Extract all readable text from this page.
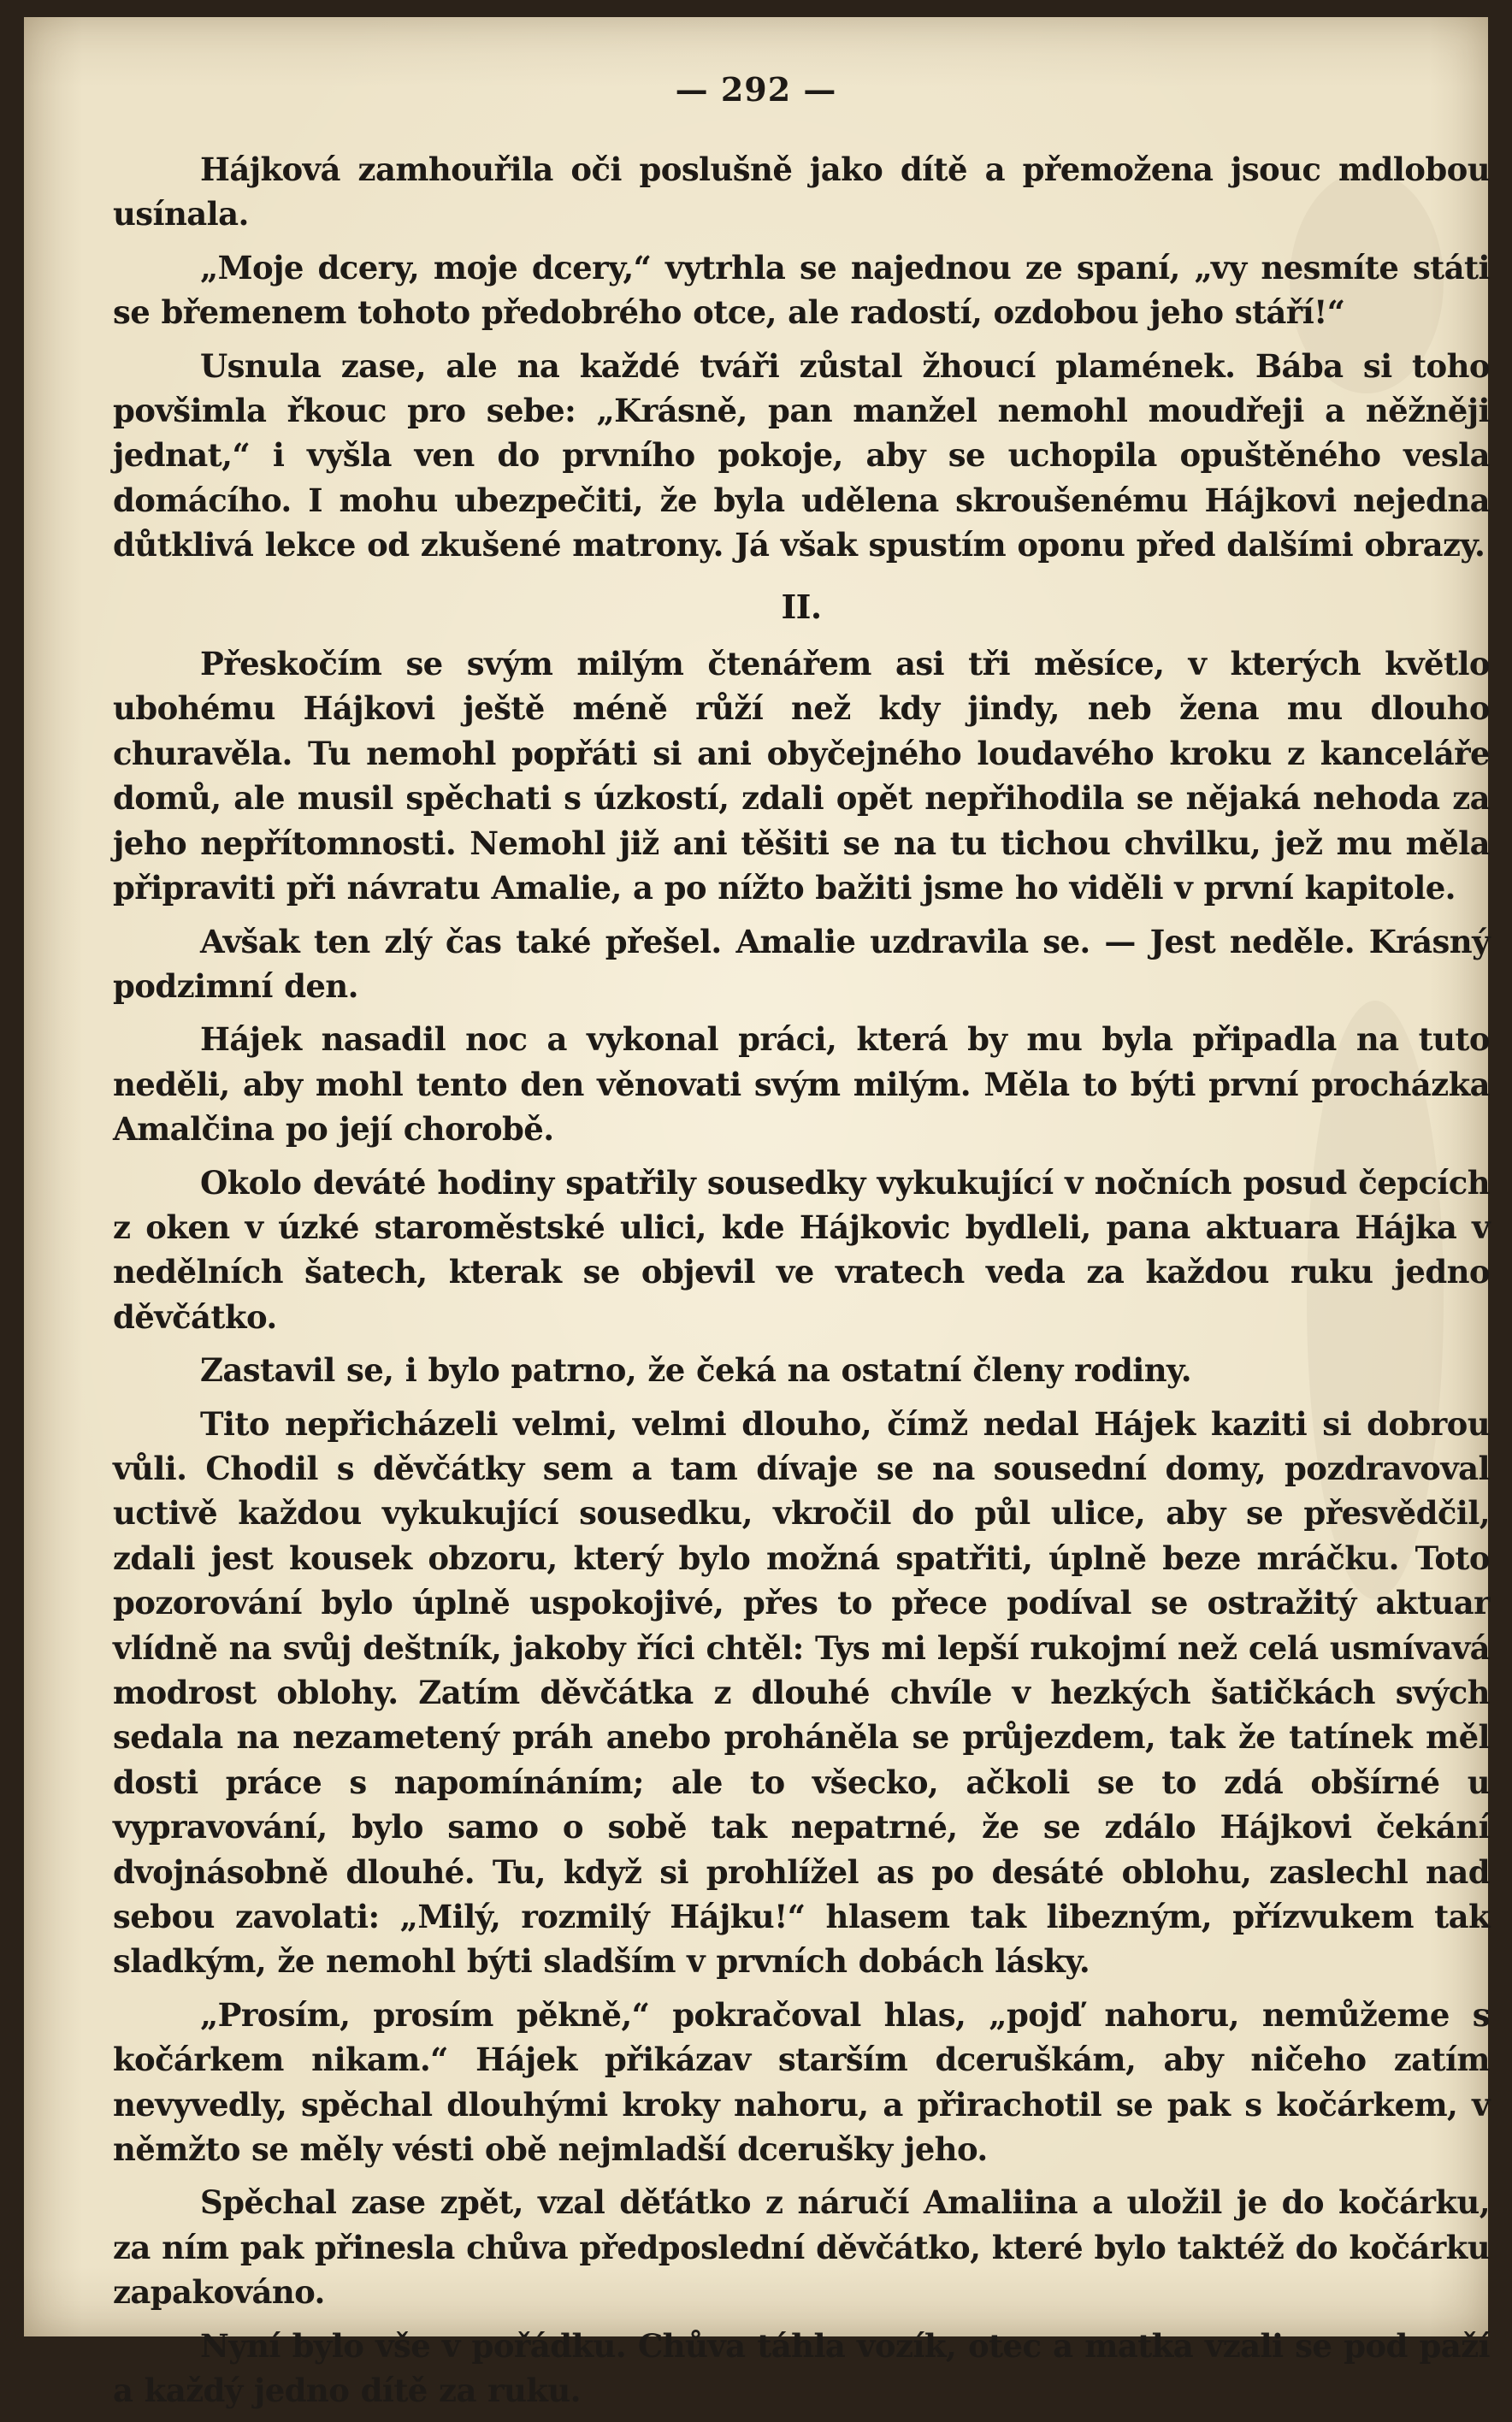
— 292 —

Hájková zamhouřila oči poslušně jako dítě a přemožena jsouc mdlobou usínala.

„Moje dcery, moje dcery,“ vytrhla se najednou ze spaní, „vy nesmíte státi se břemenem tohoto předobrého otce, ale radostí, ozdobou jeho stáří!“

Usnula zase, ale na každé tváři zůstal žhoucí plamének. Bába si toho povšimla řkouc pro sebe: „Krásně, pan manžel nemohl moudřeji a něžněji jednat,“ i vyšla ven do prvního pokoje, aby se uchopila opuštěného vesla domácího. I mohu ubezpečiti, že byla udělena skroušenému Hájkovi nejedna důtklivá lekce od zkušené matrony. Já však spustím oponu před dalšími obrazy.

II.

Přeskočím se svým milým čtenářem asi tři měsíce, v kterých květlo ubohému Hájkovi ještě méně růží než kdy jindy, neb žena mu dlouho churavěla. Tu nemohl popřáti si ani obyčejného loudavého kroku z kanceláře domů, ale musil spěchati s úzkostí, zdali opět nepřihodila se nějaká nehoda za jeho nepřítomnosti. Nemohl již ani těšiti se na tu tichou chvilku, jež mu měla připraviti při návratu Amalie, a po nížto bažiti jsme ho viděli v první kapitole.

Avšak ten zlý čas také přešel. Amalie uzdravila se. — Jest neděle. Krásný podzimní den.

Hájek nasadil noc a vykonal práci, která by mu byla připadla na tuto neděli, aby mohl tento den věnovati svým milým. Měla to býti první procházka Amalčina po její chorobě.

Okolo deváté hodiny spatřily sousedky vykukující v nočních posud čepcích z oken v úzké staroměstské ulici, kde Hájkovic bydleli, pana aktuara Hájka v nedělních šatech, kterak se objevil ve vratech veda za každou ruku jedno děvčátko.

Zastavil se, i bylo patrno, že čeká na ostatní členy rodiny.

Tito nepřicházeli velmi, velmi dlouho, čímž nedal Hájek kaziti si dobrou vůli. Chodil s děvčátky sem a tam dívaje se na sousední domy, pozdravoval uctivě každou vykukující sousedku, vkročil do půl ulice, aby se přesvědčil, zdali jest kousek obzoru, který bylo možná spatřiti, úplně beze mráčku. Toto pozorování bylo úplně uspokojivé, přes to přece podíval se ostražitý aktuar vlídně na svůj deštník, jakoby říci chtěl: Tys mi lepší rukojmí než celá usmívavá modrost oblohy. Zatím děvčátka z dlouhé chvíle v hezkých šatičkách svých sedala na nezametený práh anebo proháněla se průjezdem, tak že tatínek měl dosti práce s napomínáním; ale to všecko, ačkoli se to zdá obšírné u vypravování, bylo samo o sobě tak nepatrné, že se zdálo Hájkovi čekání dvojnásobně dlouhé. Tu, když si prohlížel as po desáté oblohu, zaslechl nad sebou zavolati: „Milý, rozmilý Hájku!“ hlasem tak libezným, přízvukem tak sladkým, že nemohl býti sladším v prvních dobách lásky.

„Prosím, prosím pěkně,“ pokračoval hlas, „pojď nahoru, nemůžeme s kočárkem nikam.“ Hájek přikázav starším dceruškám, aby ničeho zatím nevyvedly, spěchal dlouhými kroky nahoru, a přirachotil se pak s kočárkem, v němžto se měly vésti obě nejmladší dcerušky jeho.

Spěchal zase zpět, vzal děťátko z náručí Amaliina a uložil je do kočárku, za ním pak přinesla chůva předposlední děvčátko, které bylo taktéž do kočárku zapakováno.

Nyní bylo vše v pořádku. Chůva táhla vozík, otec a matka vzali se pod paží a každý jedno dítě za ruku.
